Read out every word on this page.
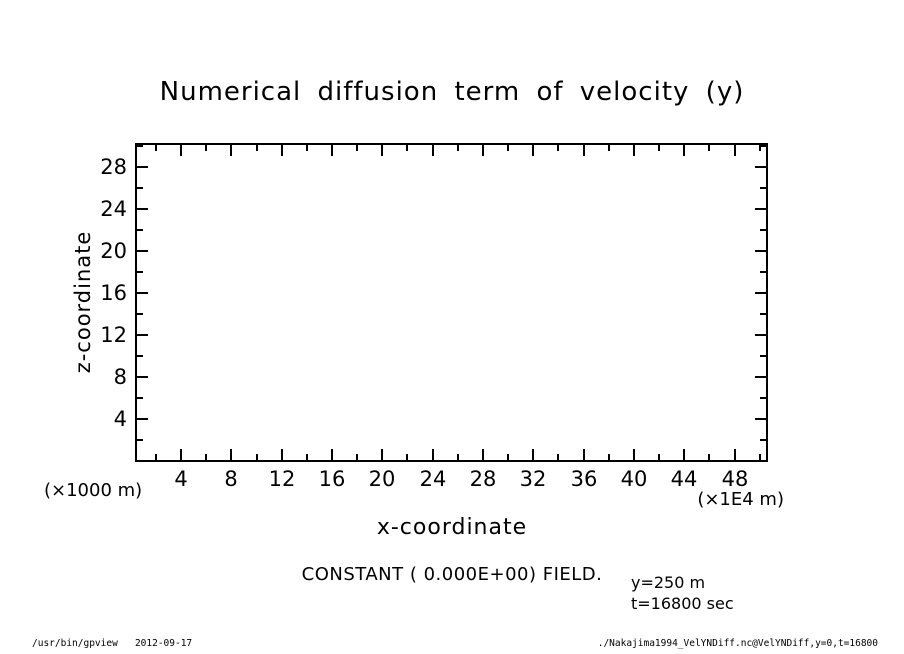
Numerical diffusion term of velocity (y)
z-coordinate
(×1000 m)	(×1E4 m)
x-coordinate
CONSTANT ( 0.000E+00) FIELD.	y=250 m
t=16800 sec
/usr/bin/gpview   2012-09-17	./Nakajima1994_VelYNDiff.nc@VelYNDiff,y=0,t=16800
4 8 12 16 20 24 28 32 36 40 44 48
4
8
12
16
20
24
28
